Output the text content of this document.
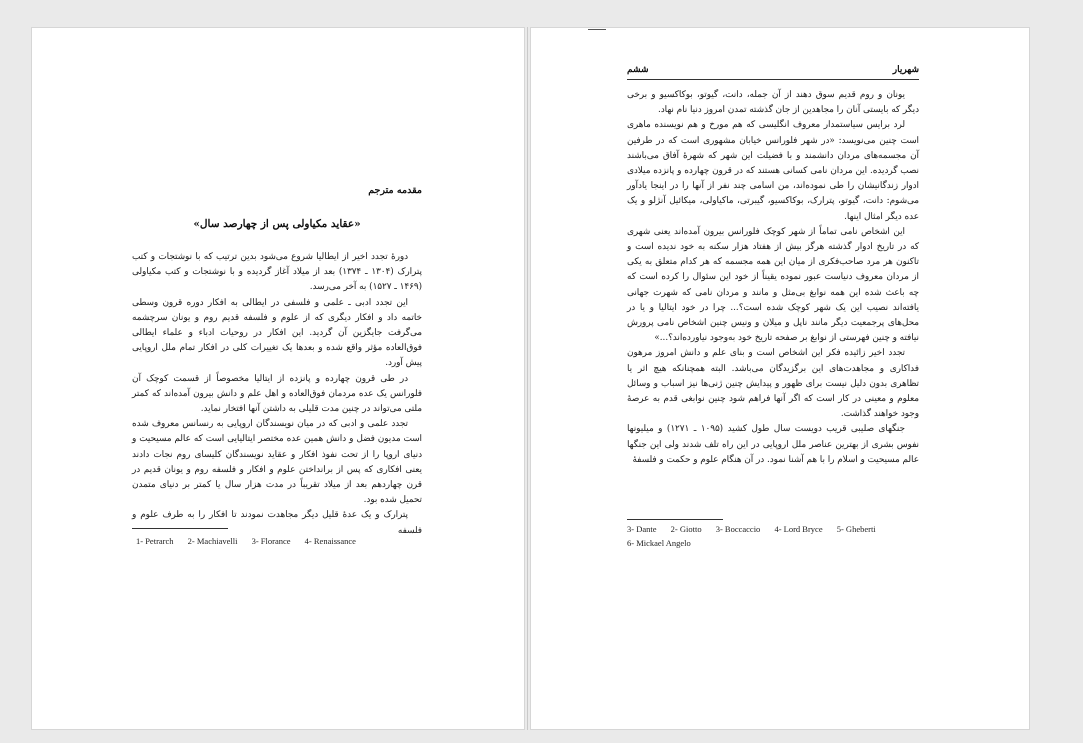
مقدمه مترجم
«عقاید مکیاولی پس از چهارصد سال»

دورهٔ تجدد اخیر از ایطالیا شروع می‌شود بدین ترتیب که با نوشتجات و کتب پترارک (۱۳۰۴ ـ ۱۳۷۴) بعد از میلاد آغاز گردیده و با نوشتجات و کتب مکیاولی (۱۴۶۹ ـ ۱۵۲۷) به آخر می‌رسد.

این تجدد ادبی ـ علمی و فلسفی در ایطالی به افکار دوره قرون وسطی خاتمه داد و افکار دیگری که از علوم و فلسفه قدیم روم و یونان سرچشمه می‌گرفت جایگزین آن گردید. این افکار در روحیات ادباء و علماء ایطالی فوق‌العاده مؤثر واقع شده و بعدها یک تغییرات کلی در افکار تمام ملل اروپایی پیش آورد.

در طی قرون چهارده و پانزده از ایتالیا مخصوصاً از قسمت کوچک آن فلورانس یک عده مردمان فوق‌العاده و اهل علم و دانش بیرون آمده‌اند که کمتر ملتی می‌تواند در چنین مدت قلیلی به داشتن آنها افتخار نماید.

تجدد علمی و ادبی که در میان نویسندگان اروپایی به رنسانس معروف شده است مدیون فضل و دانش همین عده مختصر ایتالیایی است که عالم مسیحیت و دنیای اروپا را از تحت نفوذ افکار و عقاید نویسندگان کلیسای روم نجات دادند یعنی افکاری که پس از برانداختن علوم و افکار و فلسفه روم و یونان قدیم در قرن چهاردهم بعد از میلاد تقریباً در مدت هزار سال یا کمتر بر دنیای متمدن تحمیل شده بود.

پترارک و یک عدهٔ قلیل دیگر مجاهدت نمودند تا افکار را به طرف علوم و فلسفه

1- Petrarch 2- Machiavelli 3- Florance 4- Renaissance
شهریار
ششم

یونان و روم قدیم سوق دهند از آن جمله، دانت، گیوتو، بوکاکسیو و برخی دیگر که بایستی آنان را مجاهدین از جان گذشته تمدن امروز دنیا نام نهاد.

لرد برایس سیاستمدار معروف انگلیسی که هم مورخ و هم نویسنده ماهری است چنین می‌نویسد: «در شهر فلورانس خیابان مشهوری است که در طرفین آن مجسمه‌های مردان دانشمند و با فضیلت این شهر که شهرهٔ آفاق می‌باشند نصب گردیده. این مردان نامی کسانی هستند که در قرون چهارده و پانزده میلادی ادوار زندگانیشان را طی نموده‌اند، من اسامی چند نفر از آنها را در اینجا یادآور می‌شوم: دانت، گیوتو، پترارک، بوکاکسیو، گیبرتی، ماکیاولی، میکائیل آنژلو و یک عده دیگر امثال اینها.

این اشخاص نامی تماماً از شهر کوچک فلورانس بیرون آمده‌اند یعنی شهری که در تاریخ ادوار گذشته هرگز بیش از هفتاد هزار سکنه به خود ندیده است و تاکنون هر مرد صاحب‌فکری از میان این همه مجسمه که هر کدام متعلق به یکی از مردان معروف دنیاست عبور نموده یقیناً از خود این سئوال را کرده است که چه باعث شده این همه نوابغ بی‌مثل و مانند و مردان نامی که شهرت جهانی یافته‌اند نصیب این یک شهر کوچک شده است؟... چرا در خود ایتالیا و یا در محل‌های پرجمعیت دیگر مانند ناپل و میلان و ونیس چنین اشخاص نامی پرورش نیافته و چنین فهرستی از نوابغ بر صفحه تاریخ خود به‌وجود نیاورده‌اند؟...»

تجدد اخیر زائیده فکر این اشخاص است و بنای علم و دانش امروز مرهون فداکاری و مجاهدت‌های این برگزیدگان می‌باشد. البته همچنانکه هیچ اثر یا تظاهری بدون دلیل نیست برای ظهور و پیدایش چنین ژنی‌ها نیز اسباب و وسائل معلوم و معینی در کار است که اگر آنها فراهم شود چنین نوابغی قدم به عرصهٔ وجود خواهند گذاشت.

جنگهای صلیبی قریب دویست سال طول کشید (۱۰۹۵ ـ ۱۲۷۱) و میلیونها نفوس بشری از بهترین عناصر ملل اروپایی در این راه تلف شدند ولی این جنگها عالم مسیحیت و اسلام را با هم آشنا نمود. در آن هنگام علوم و حکمت و فلسفهٔ

3- Dante 2- Giotto 3- Boccaccio 4- Lord Bryce 5- Gheberti
6- Mickael Angelo
